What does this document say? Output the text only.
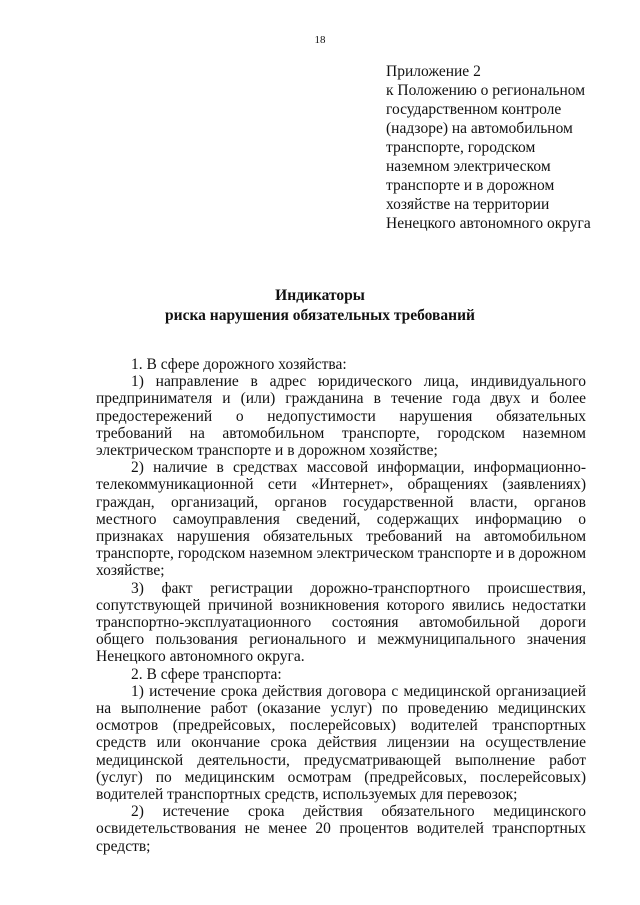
18
Приложение 2
к Положению о региональном
государственном контроле
(надзоре) на автомобильном
транспорте, городском
наземном электрическом
транспорте и в дорожном
хозяйстве на территории
Ненецкого автономного округа
Индикаторы
риска нарушения обязательных требований

1. В сфере дорожного хозяйства:

1) направление в адрес юридического лица, индивидуального предпринимателя и (или) гражданина в течение года двух и более предостережений о недопустимости нарушения обязательных требований на автомобильном транспорте, городском наземном электрическом транспорте и в дорожном хозяйстве;

2) наличие в средствах массовой информации, информационно-телекоммуникационной сети «Интернет», обращениях (заявлениях) граждан, организаций, органов государственной власти, органов местного самоуправления сведений, содержащих информацию о признаках нарушения обязательных требований на автомобильном транспорте, городском наземном электрическом транспорте и в дорожном хозяйстве;

3) факт регистрации дорожно-транспортного происшествия, сопутствующей причиной возникновения которого явились недостатки транспортно-эксплуатационного состояния автомобильной дороги общего пользования регионального и межмуниципального значения Ненецкого автономного округа.

2. В сфере транспорта:

1) истечение срока действия договора с медицинской организацией на выполнение работ (оказание услуг) по проведению медицинских осмотров (предрейсовых, послерейсовых) водителей транспортных средств или окончание срока действия лицензии на осуществление медицинской деятельности, предусматривающей выполнение работ (услуг) по медицинским осмотрам (предрейсовых, послерейсовых) водителей транспортных средств, используемых для перевозок;

2) истечение срока действия обязательного медицинского освидетельствования не менее 20 процентов водителей транспортных средств;
